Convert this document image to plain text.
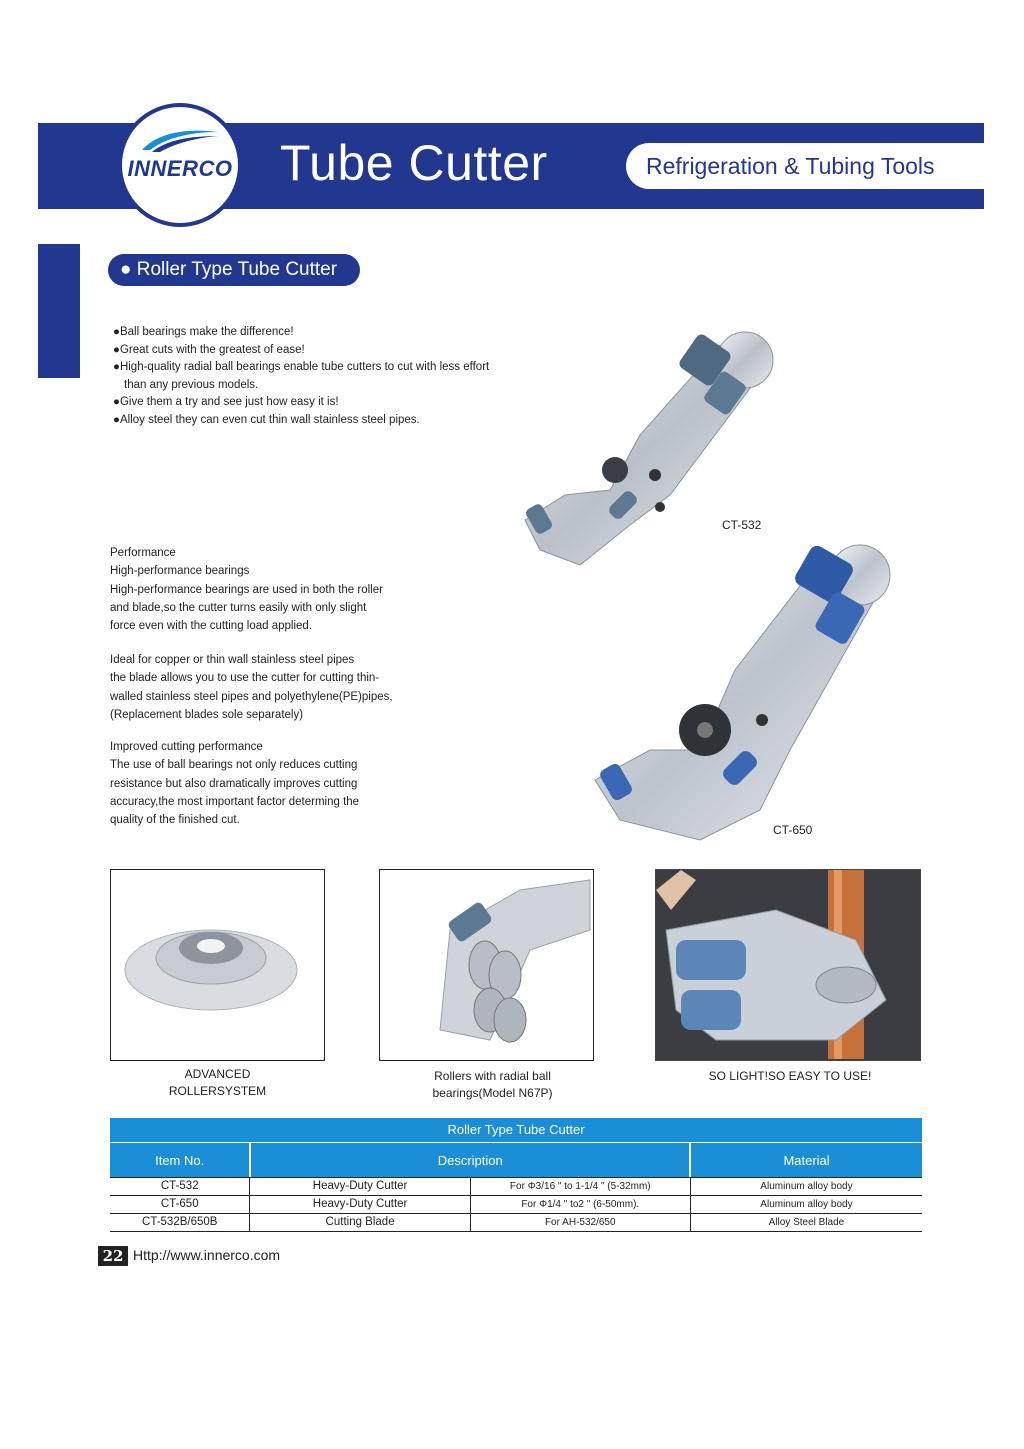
INNERCO Tube Cutter	Refrigeration & Tubing Tools
● Roller Type Tube Cutter
●Ball bearings make the difference!
●Great cuts with the greatest of ease!
●High-quality radial ball bearings enable tube cutters to cut with less effort than any previous models.
●Give them a try and see just how easy it is!
●Alloy steel they can even cut thin wall stainless steel pipes.
Performance
High-performance bearings
High-performance bearings are used in both the roller
and blade,so the cutter turns easily with only slight
force even with the cutting load applied.
Ideal for copper or thin wall stainless steel pipes
the blade allows you to use the cutter for cutting thin-
walled stainless steel pipes and polyethylene(PE)pipes,
(Replacement blades sole separately)
Improved cutting performance
The use of ball bearings not only reduces cutting
resistance but also dramatically improves cutting
accuracy,the most important factor determing the
quality of the finished cut.
CT-532
CT-650
ADVANCED
ROLLERSYSTEM
Rollers with radial ball
bearings(Model N67P)
SO LIGHT!SO EASY TO USE!
Roller Type Tube Cutter
Item No.	Description	Material
CT-532	Heavy-Duty Cutter	For Φ3/16 " to 1-1/4 " (5-32mm)	Aluminum alloy body
CT-650	Heavy-Duty Cutter	For Φ1/4 " to2 " (6-50mm).	Aluminum alloy body
CT-532B/650B	Cutting Blade	For AH-532/650	Alloy Steel Blade
22 Http://www.innerco.com
